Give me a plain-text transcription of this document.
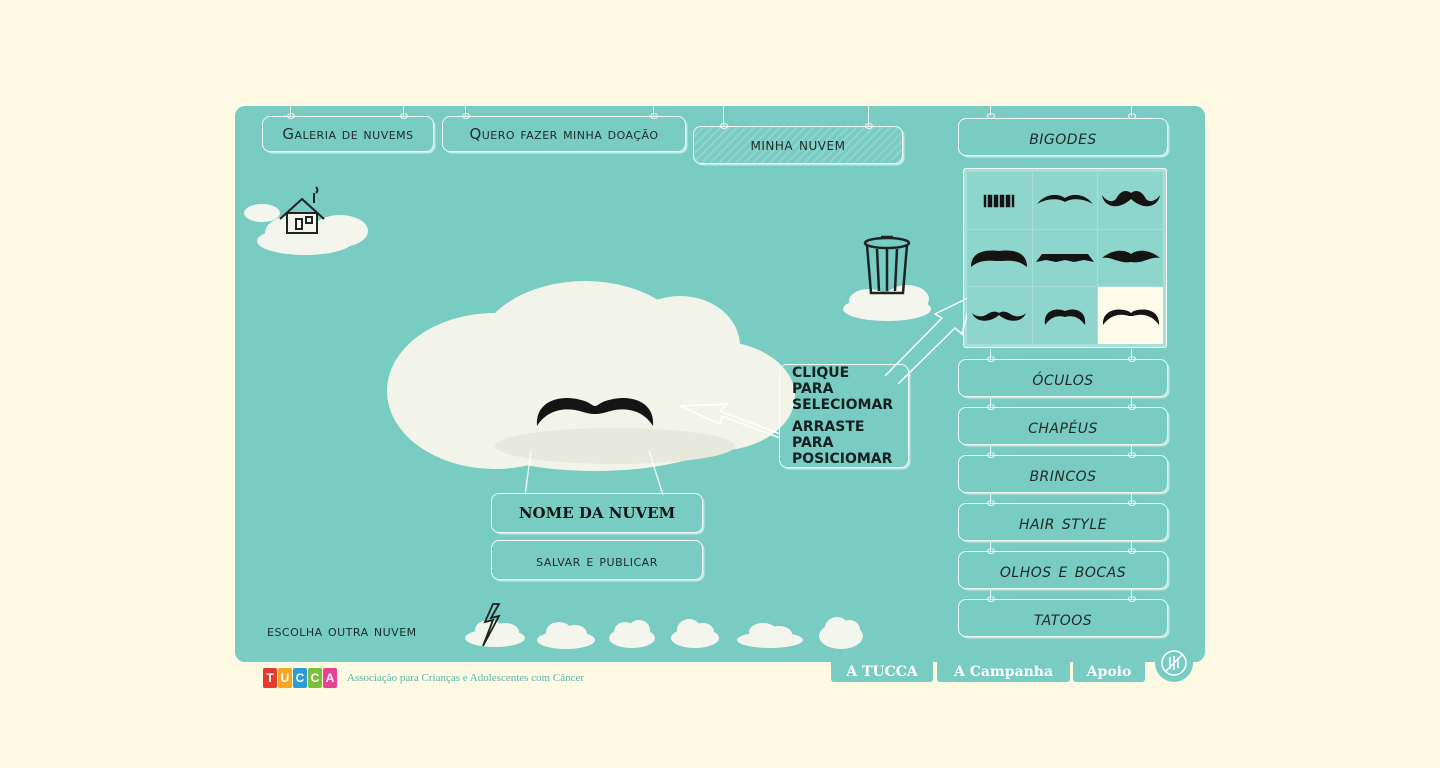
Galeria de nuvems	Quero fazer minha doação
minha nuvem
NOME DA NUVEM
salvar e publicar
CLIQUE PARA SELECIOMAR
ARRASTE PARA POSICIOMAR
bigodes
óculos
chapéus
brincos
hair style
olhos e bocas
tatoos
escolha outra nuvem
T U C C A Associação para Crianças e Adolescentes com Câncer	A TUCCA	A Campanha Apoio
